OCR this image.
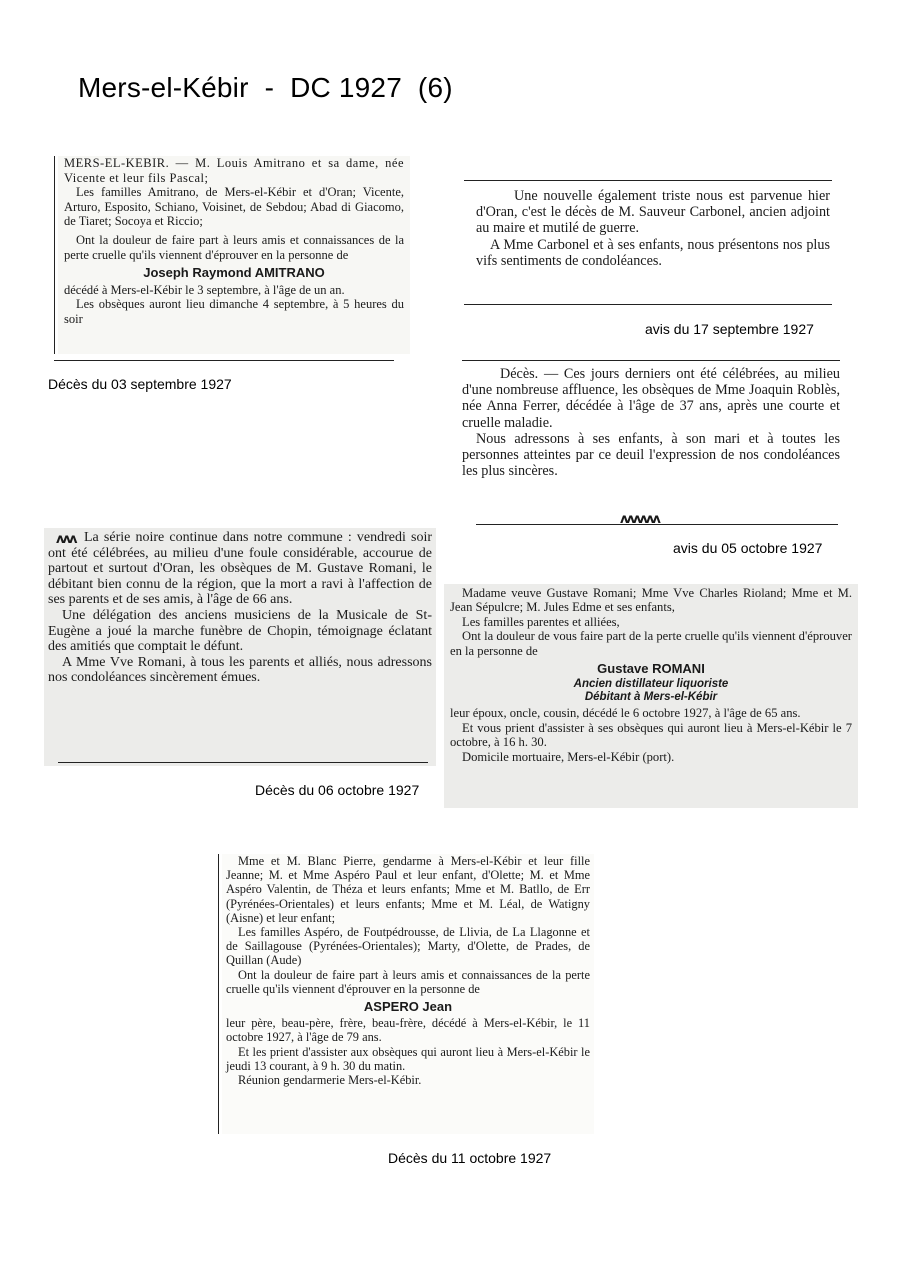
Mers-el-Kébir  -  DC 1927  (6)

MERS-EL-KEBIR. — M. Louis Amitrano et sa dame, née Vicente et leur fils Pascal;

Les familles Amitrano, de Mers-el-Kébir et d'Oran; Vicente, Arturo, Esposito, Schiano, Voisinet, de Sebdou; Abad di Giacomo, de Tiaret; Socoya et Riccio;

Ont la douleur de faire part à leurs amis et connaissances de la perte cruelle qu'ils viennent d'éprouver en la personne de

Joseph Raymond AMITRANO

décédé à Mers-el-Kébir le 3 septembre, à l'âge de un an.

Les obsèques auront lieu dimanche 4 septembre, à 5 heures du soir

Décès du 03 septembre 1927

Une nouvelle également triste nous est parvenue hier d'Oran, c'est le décès de M. Sauveur Carbonel, ancien adjoint au maire et mutilé de guerre.

A Mme Carbonel et à ses enfants, nous présentons nos plus vifs sentiments de condoléances.

avis du 17 septembre 1927

Décès. — Ces jours derniers ont été célébrées, au milieu d'une nombreuse affluence, les obsèques de Mme Joaquin Roblès, née Anna Ferrer, décédée à l'âge de 37 ans, après une courte et cruelle maladie.

Nous adressons à ses enfants, à son mari et à toutes les personnes atteintes par ce deuil l'expression de nos condoléances les plus sincères.

ʌʌʌʌʌʌ
avis du 05 octobre 1927

La série noire continue dans notre commune : vendredi soir ont été célébrées, au milieu d'une foule considérable, accourue de partout et surtout d'Oran, les obsèques de M. Gustave Romani, le débitant bien connu de la région, que la mort a ravi à l'affection de ses parents et de ses amis, à l'âge de 66 ans.

Une délégation des anciens musiciens de la Musicale de St-Eugène a joué la marche funèbre de Chopin, témoignage éclatant des amitiés que comptait le défunt.

A Mme Vve Romani, à tous les parents et alliés, nous adressons nos condoléances sincèrement émues.

ʌʌʌ
Décès du 06 octobre 1927

Madame veuve Gustave Romani; Mme Vve Charles Rioland; Mme et M. Jean Sépulcre; M. Jules Edme et ses enfants,

Les familles parentes et alliées,

Ont la douleur de vous faire part de la perte cruelle qu'ils viennent d'éprouver en la personne de

Gustave ROMANI

Ancien distillateur liquoriste

Débitant à Mers-el-Kébir

leur époux, oncle, cousin, décédé le 6 octobre 1927, à l'âge de 65 ans.

Et vous prient d'assister à ses obsèques qui auront lieu à Mers-el-Kébir le 7 octobre, à 16 h. 30.

Domicile mortuaire, Mers-el-Kébir (port).

Mme et M. Blanc Pierre, gendarme à Mers-el-Kébir et leur fille Jeanne; M. et Mme Aspéro Paul et leur enfant, d'Olette; M. et Mme Aspéro Valentin, de Théza et leurs enfants; Mme et M. Batllo, de Err (Pyrénées-Orientales) et leurs enfants; Mme et M. Léal, de Watigny (Aisne) et leur enfant;

Les familles Aspéro, de Foutpédrousse, de Llivia, de La Llagonne et de Saillagouse (Pyrénées-Orientales); Marty, d'Olette, de Prades, de Quillan (Aude)

Ont la douleur de faire part à leurs amis et connaissances de la perte cruelle qu'ils viennent d'éprouver en la personne de

ASPERO Jean

leur père, beau-père, frère, beau-frère, décédé à Mers-el-Kébir, le 11 octobre 1927, à l'âge de 79 ans.

Et les prient d'assister aux obsèques qui auront lieu à Mers-el-Kébir le jeudi 13 courant, à 9 h. 30 du matin.

Réunion gendarmerie Mers-el-Kébir.

Décès du 11 octobre 1927
